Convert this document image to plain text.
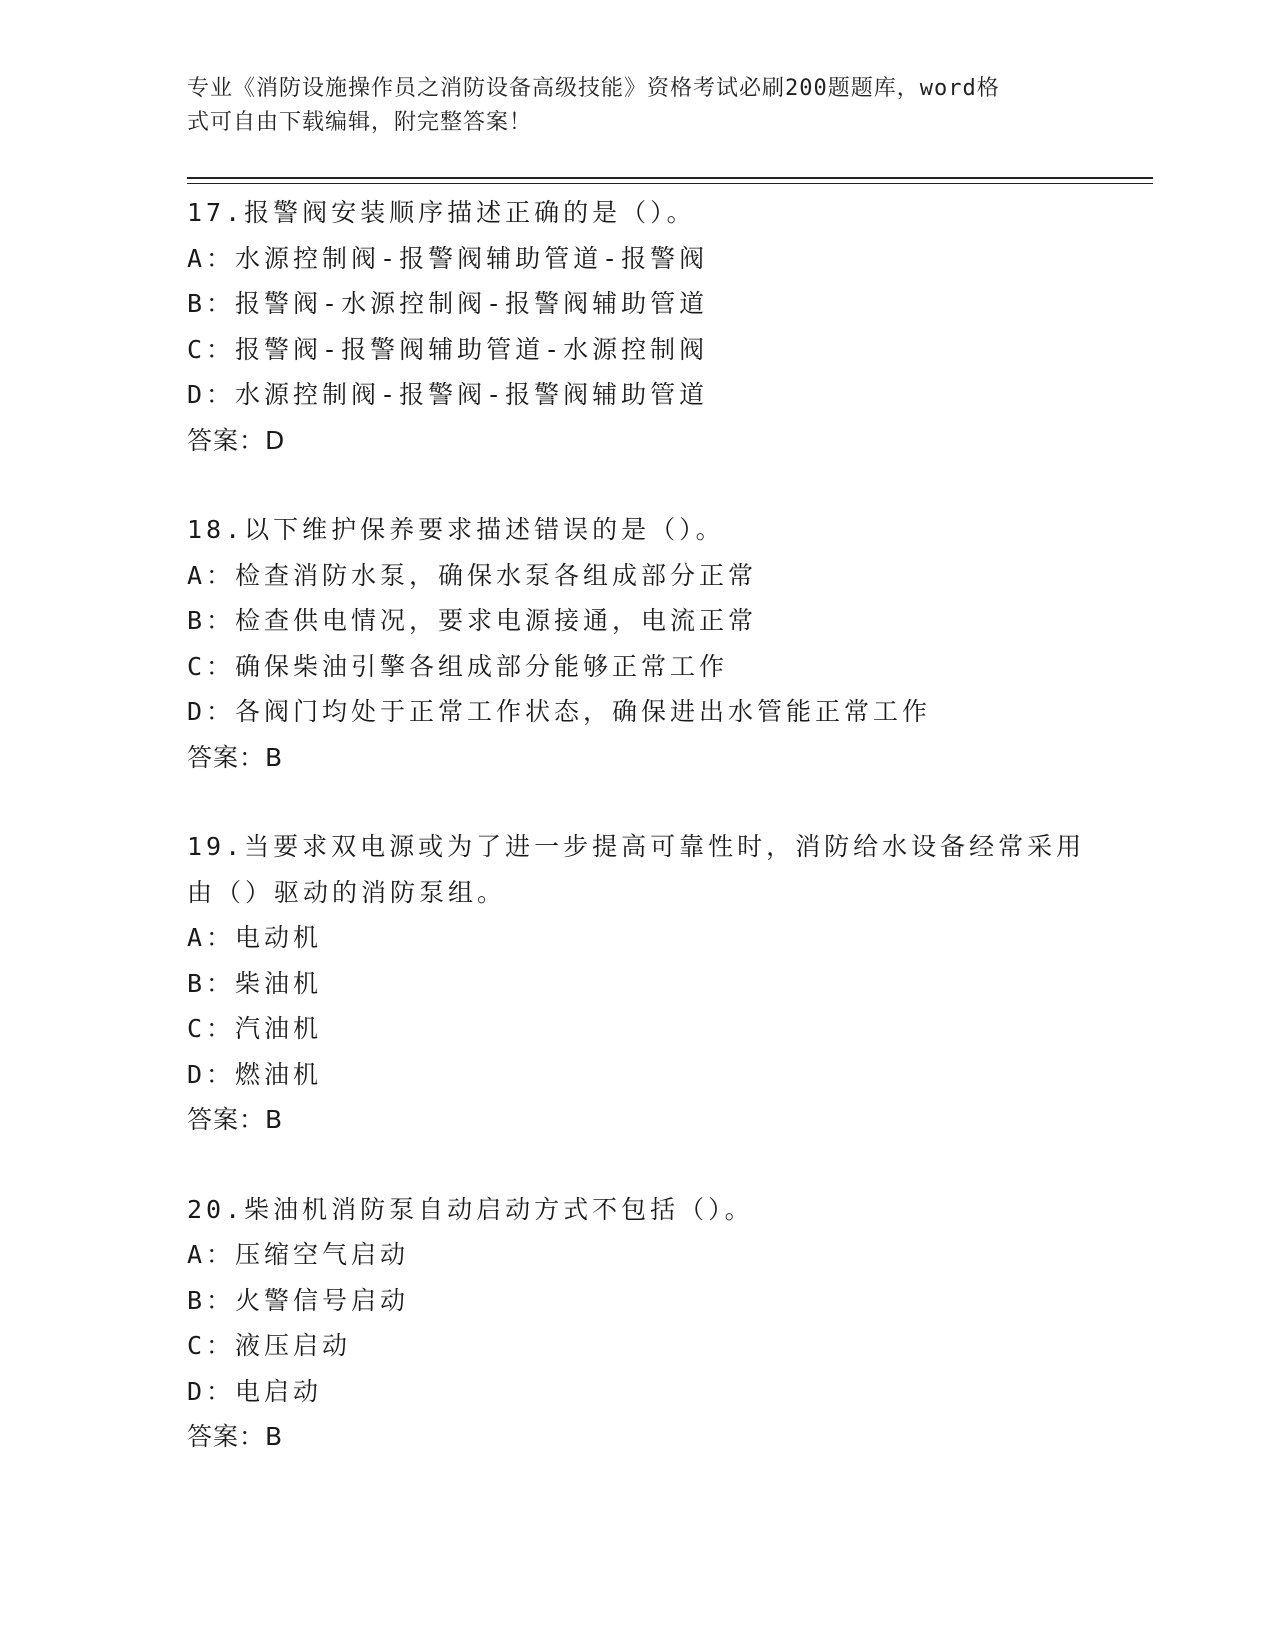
专业《消防设施操作员之消防设备高级技能》资格考试必刷200题题库，word格
式可自由下载编辑，附完整答案！
17.报警阀安装顺序描述正确的是（）。
A：水源控制阀-报警阀辅助管道-报警阀
B：报警阀-水源控制阀-报警阀辅助管道
C：报警阀-报警阀辅助管道-水源控制阀
D：水源控制阀-报警阀-报警阀辅助管道
答案：D
18.以下维护保养要求描述错误的是（）。
A：检查消防水泵，确保水泵各组成部分正常
B：检查供电情况，要求电源接通，电流正常
C：确保柴油引擎各组成部分能够正常工作
D：各阀门均处于正常工作状态，确保进出水管能正常工作
答案：B
19.当要求双电源或为了进一步提高可靠性时，消防给水设备经常采用
由（）驱动的消防泵组。
A：电动机
B：柴油机
C：汽油机
D：燃油机
答案：B
20.柴油机消防泵自动启动方式不包括（）。
A：压缩空气启动
B：火警信号启动
C：液压启动
D：电启动
答案：B
